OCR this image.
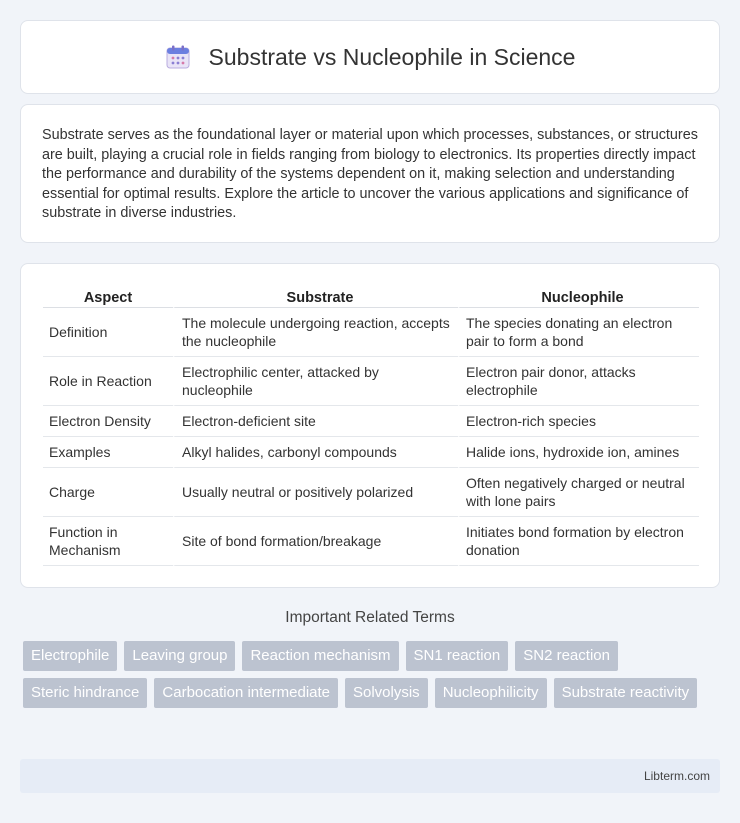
Substrate vs Nucleophile in Science

Substrate serves as the foundational layer or material upon which processes, substances, or structures are built, playing a crucial role in fields ranging from biology to electronics. Its properties directly impact the performance and durability of the systems dependent on it, making selection and understanding essential for optimal results. Explore the article to uncover the various applications and significance of substrate in diverse industries.

Aspect	Substrate	Nucleophile
Definition	The molecule undergoing reaction, accepts the nucleophile	The species donating an electron pair to form a bond
Role in Reaction	Electrophilic center, attacked by nucleophile	Electron pair donor, attacks electrophile
Electron Density	Electron-deficient site	Electron-rich species
Examples	Alkyl halides, carbonyl compounds	Halide ions, hydroxide ion, amines
Charge	Usually neutral or positively polarized	Often negatively charged or neutral with lone pairs
Function in Mechanism	Site of bond formation/breakage	Initiates bond formation by electron donation
Important Related Terms
Electrophile	Leaving group	Reaction mechanism	SN1 reaction	SN2 reaction
Steric hindrance	Carbocation intermediate	Solvolysis	Nucleophilicity	Substrate reactivity
Libterm.com
